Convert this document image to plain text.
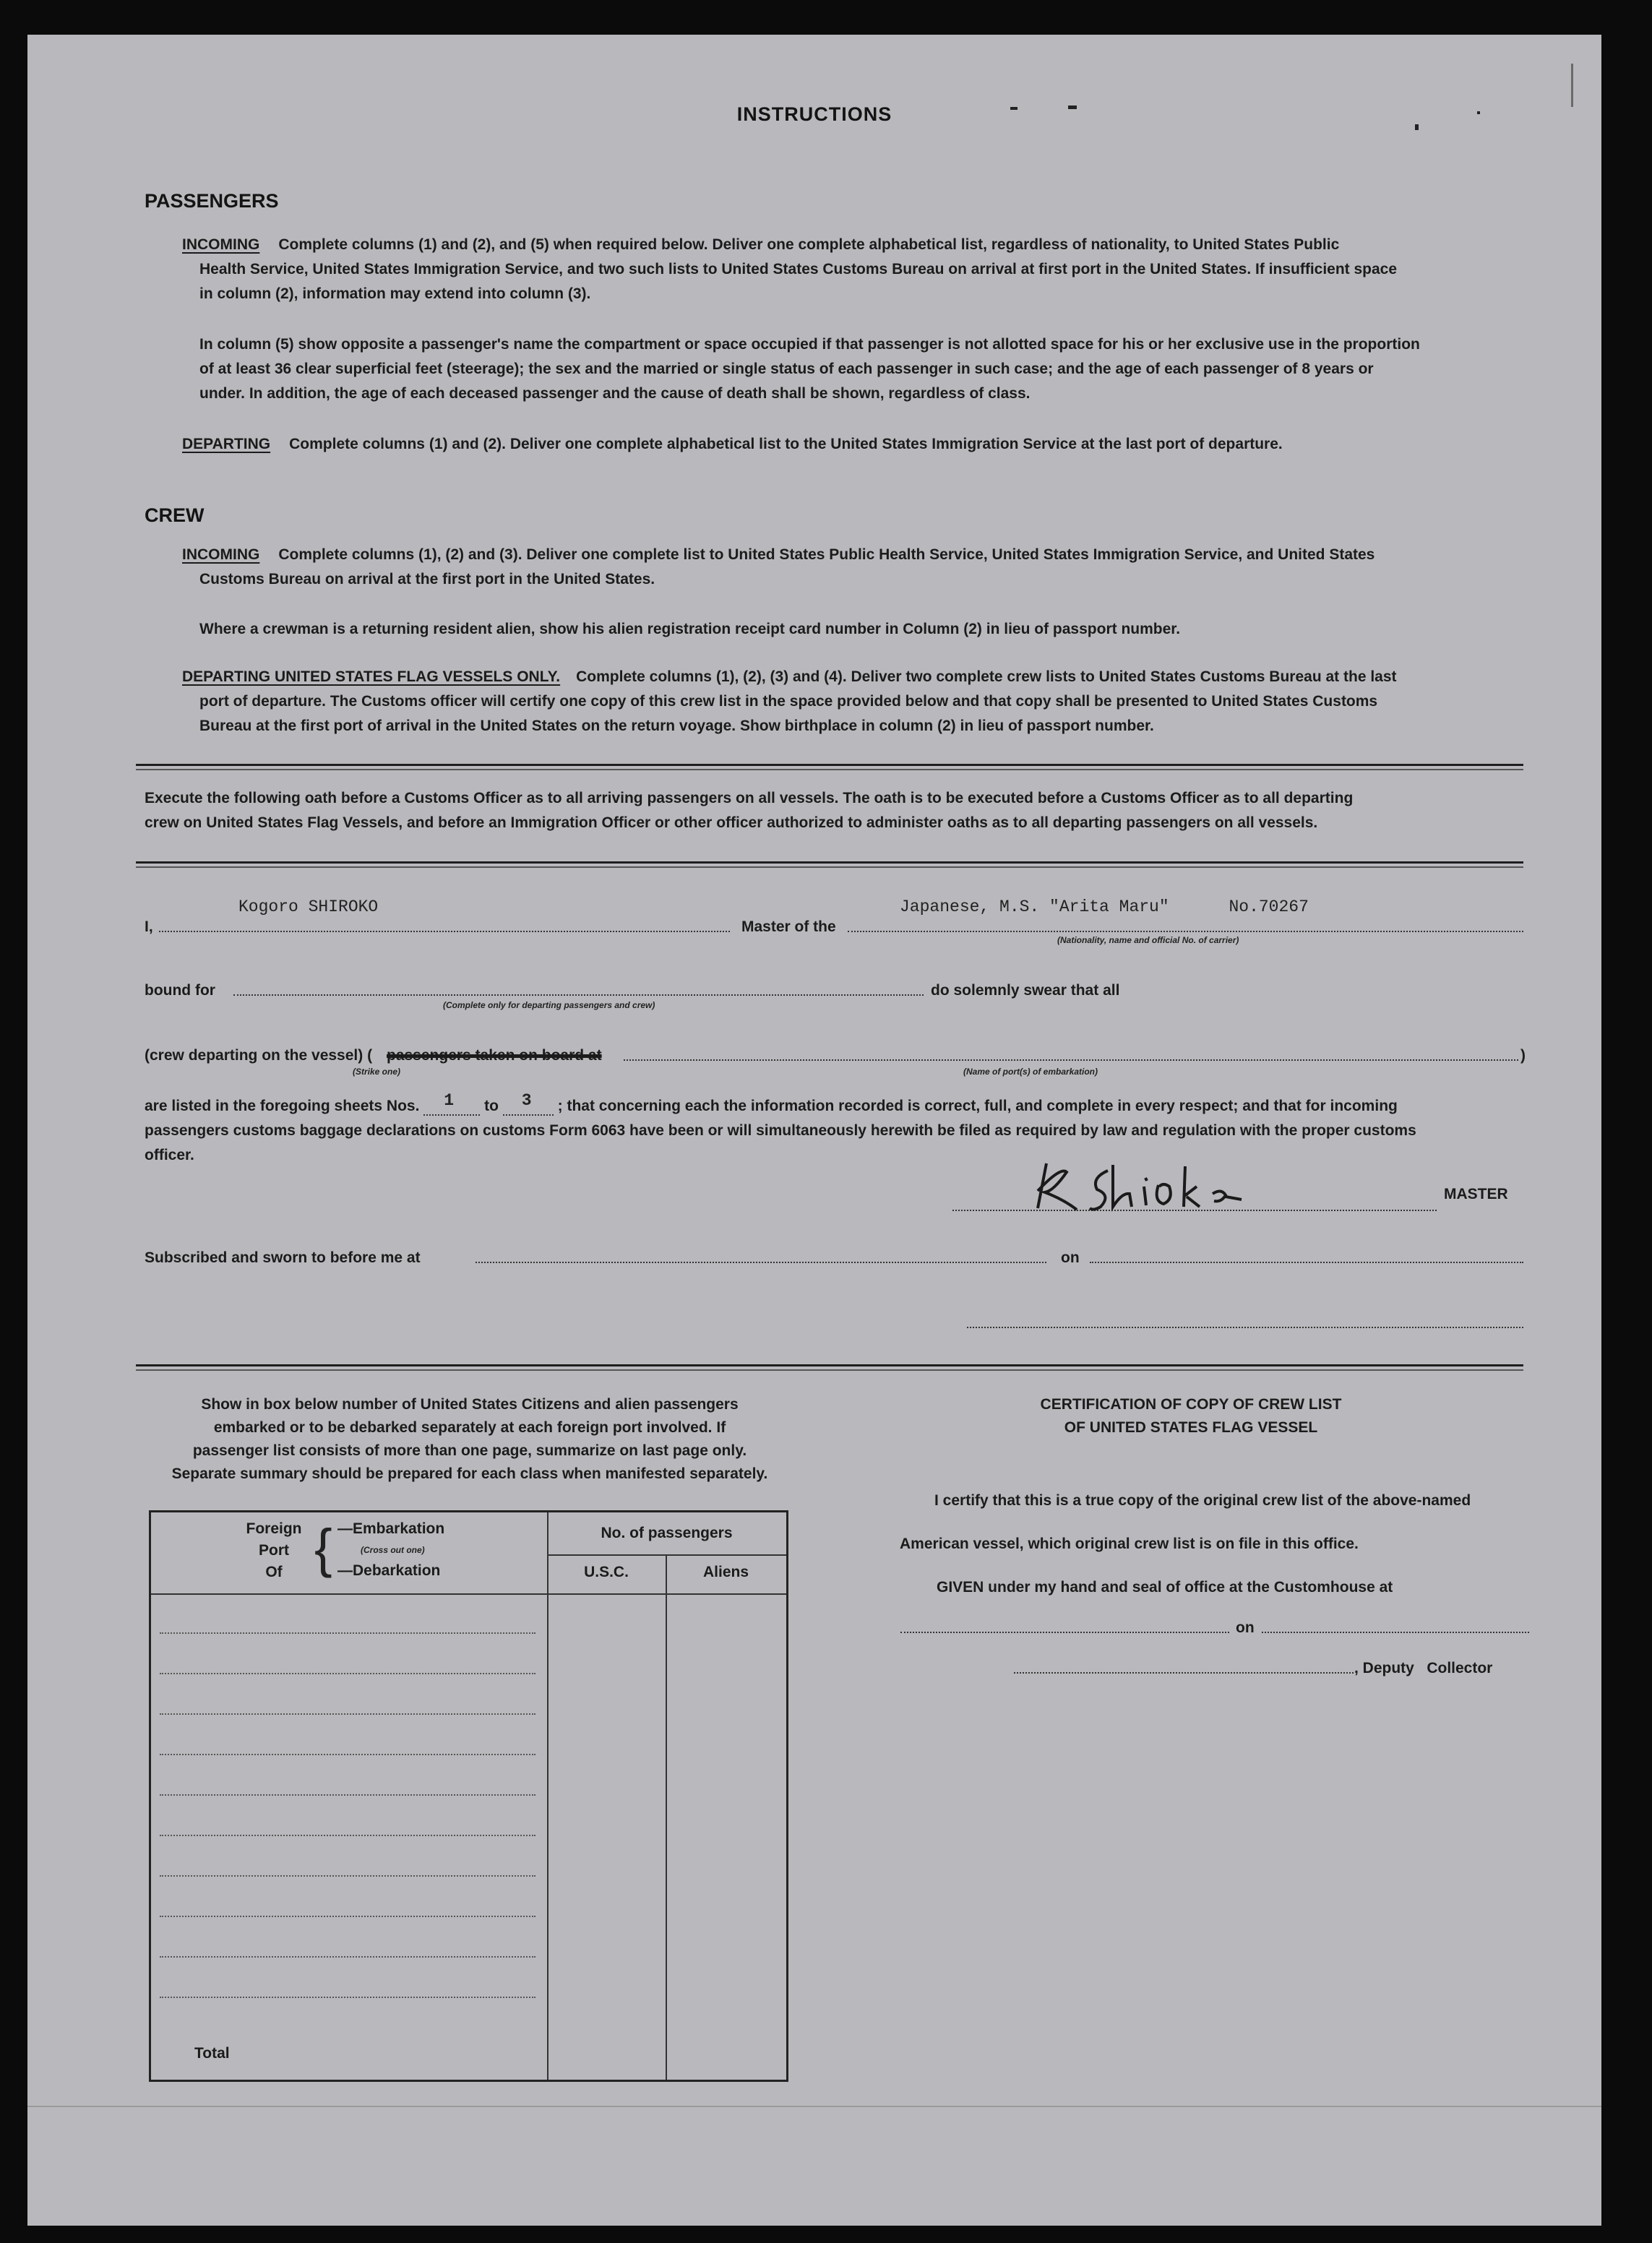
INSTRUCTIONS
PASSENGERS
INCOMING Complete columns (1) and (2), and (5) when required below. Deliver one complete alphabetical list, regardless of nationality, to United States Public
Health Service, United States Immigration Service, and two such lists to United States Customs Bureau on arrival at first port in the United States. If insufficient space
in column (2), information may extend into column (3).
In column (5) show opposite a passenger's name the compartment or space occupied if that passenger is not allotted space for his or her exclusive use in the proportion
of at least 36 clear superficial feet (steerage); the sex and the married or single status of each passenger in such case; and the age of each passenger of 8 years or
under. In addition, the age of each deceased passenger and the cause of death shall be shown, regardless of class.
DEPARTING Complete columns (1) and (2). Deliver one complete alphabetical list to the United States Immigration Service at the last port of departure.
CREW
INCOMING Complete columns (1), (2) and (3). Deliver one complete list to United States Public Health Service, United States Immigration Service, and United States
Customs Bureau on arrival at the first port in the United States.
Where a crewman is a returning resident alien, show his alien registration receipt card number in Column (2) in lieu of passport number.
DEPARTING UNITED STATES FLAG VESSELS ONLY. Complete columns (1), (2), (3) and (4). Deliver two complete crew lists to United States Customs Bureau at the last
port of departure. The Customs officer will certify one copy of this crew list in the space provided below and that copy shall be presented to United States Customs
Bureau at the first port of arrival in the United States on the return voyage. Show birthplace in column (2) in lieu of passport number.
Execute the following oath before a Customs Officer as to all arriving passengers on all vessels. The oath is to be executed before a Customs Officer as to all departing
crew on United States Flag Vessels, and before an Immigration Officer or other officer authorized to administer oaths as to all departing passengers on all vessels.
I,
Kogoro SHIROKO
Master of the
Japanese, M.S. "Arita Maru"      No.70267
(Nationality, name and official No. of carrier)
bound for
(Complete only for departing passengers and crew)
do solemnly swear that all
(crew departing on the vessel) ( passengers taken on board at
(Strike one)
)
(Name of port(s) of embarkation)
are listed in the foregoing sheets Nos. 1 to 3 ; that concerning each the information recorded is correct, full, and complete in every respect; and that for incoming
passengers customs baggage declarations on customs Form 6063 have been or will simultaneously herewith be filed as required by law and regulation with the proper customs
officer.
MASTER
Subscribed and sworn to before me at	on
Show in box below number of United States Citizens and alien passengers
embarked or to be debarked separately at each foreign port involved. If
passenger list consists of more than one page, summarize on last page only.
Separate summary should be prepared for each class when manifested separately.
Foreign
Port
Of { —Embarkation
(Cross out one)
—Debarkation
No. of passengers
U.S.C.	Aliens
Total
CERTIFICATION OF COPY OF CREW LIST
OF UNITED STATES FLAG VESSEL
I certify that this is a true copy of the original crew list of the above-named
American vessel, which original crew list is on file in this office.
GIVEN under my hand and seal of office at the Customhouse at
on
, Deputy   Collector
